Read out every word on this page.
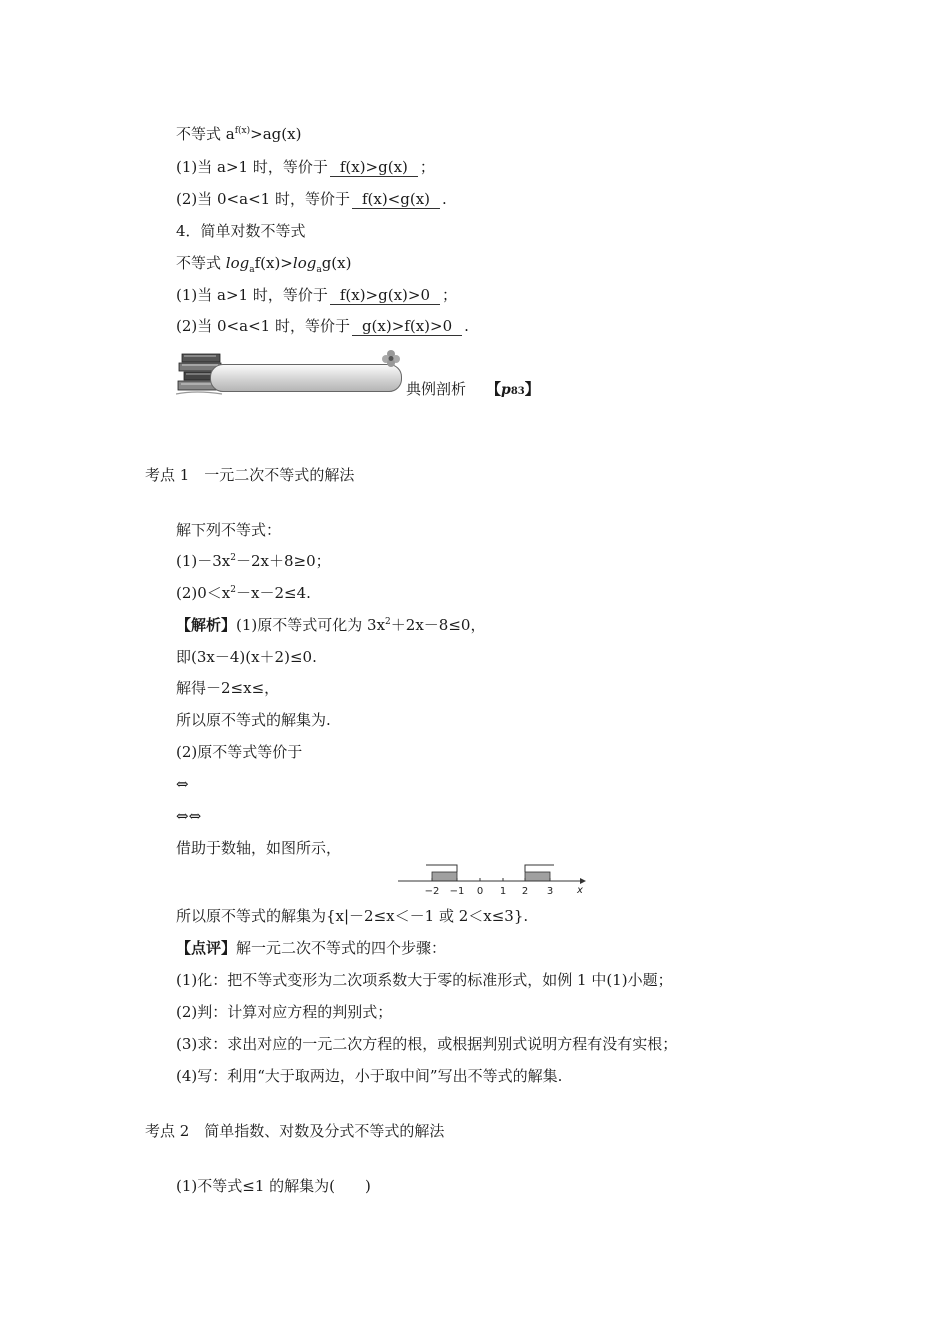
不等式 $a^{f(x)}>ag(x)$
(1)当 a>1 时，等价于 f(x)>g(x) ；
(2)当 0<a<1 时，等价于 f(x)<g(x) .
4．简单对数不等式
不等式 $\log_af(x)>\log_ag(x)$
(1)当 a>1 时，等价于 f(x)>g(x)>0 ；
(2)当 0<a<1 时，等价于 g(x)>f(x)>0 .
典例剖析 【p83】
考点 1　一元二次不等式的解法
解下列不等式：
$(1)-3x^2-2x+8\ge 0$；
$(2)0<x^2-x-2\le 4$.
【解析】(1)原不等式可化为 $3x^2+2x-8\le 0$，
即(3x－4)(x＋2)≤0.
解得－2≤x≤，
所以原不等式的解集为.
(2)原不等式等价于
⇔
⇔⇔
借助于数轴，如图所示，
−2 −1 0 1 2 3 x
所以原不等式的解集为{x|－2≤x＜－1 或 2＜x≤3}.
【点评】解一元二次不等式的四个步骤：
(1)化：把不等式变形为二次项系数大于零的标准形式，如例 1 中(1)小题；
(2)判：计算对应方程的判别式；
(3)求：求出对应的一元二次方程的根，或根据判别式说明方程有没有实根；
(4)写：利用“大于取两边，小于取中间”写出不等式的解集.
考点 2　简单指数、对数及分式不等式的解法
(1)不等式≤1 的解集为(　　)
